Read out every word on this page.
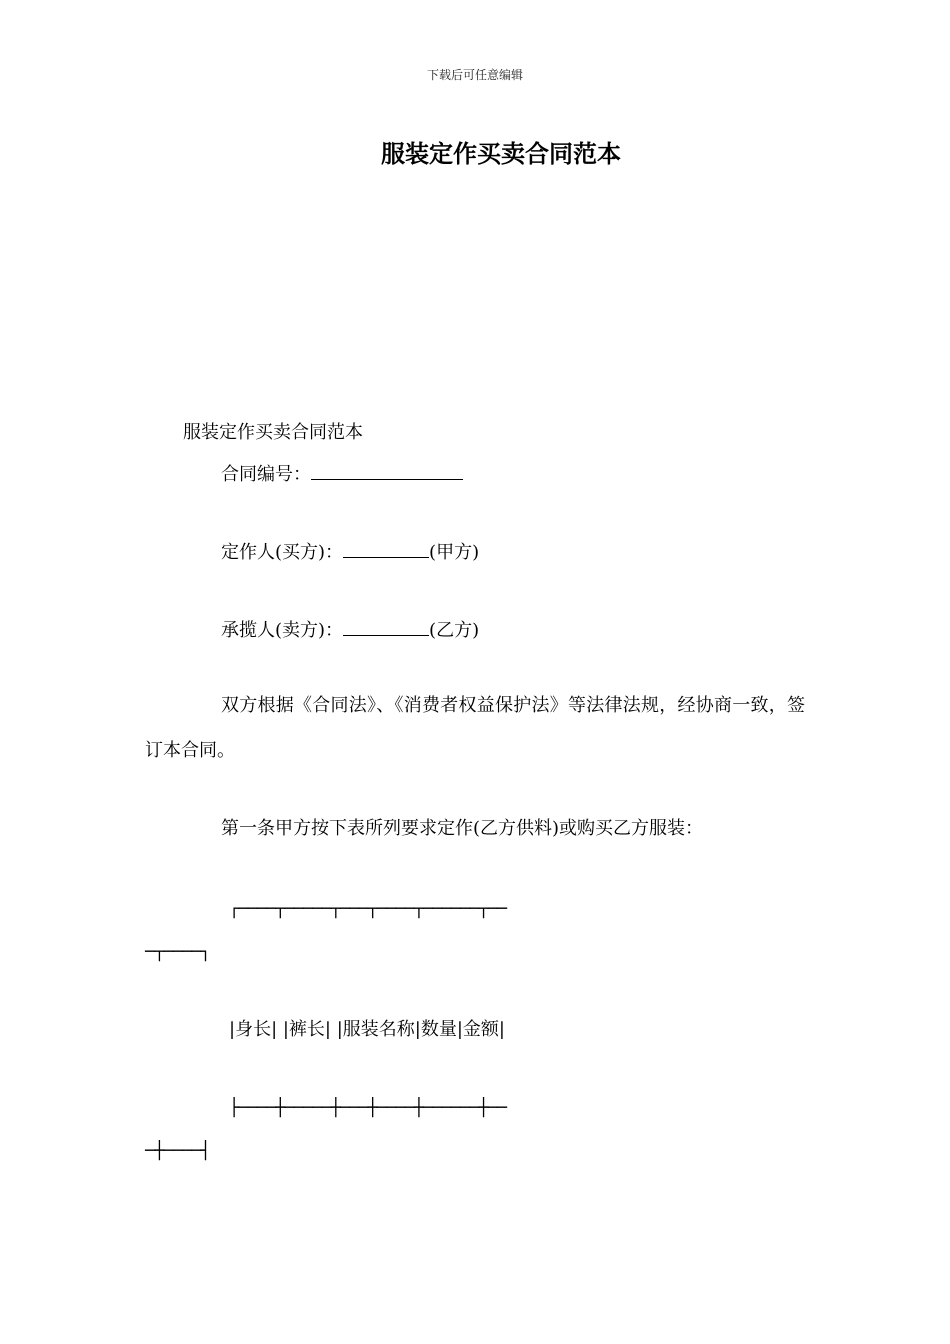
下载后可任意编辑
服装定作买卖合同范本
服装定作买卖合同范本
合同编号：
定作人(买方)：	(甲方)
承揽人(卖方)：	(乙方)
双方根据《合同法》、《消费者权益保护法》等法律法规，经协商一致，签订本合同。
第一条甲方按下表所列要求定作(乙方供料)或购买乙方服装：
┌────┬─────┬───┬────┬──────┬──
─┬────┐
|身长| |裤长| |服装名称|数量|金额|
├────┼─────┼───┼────┼──────┼──
─┼────┤
